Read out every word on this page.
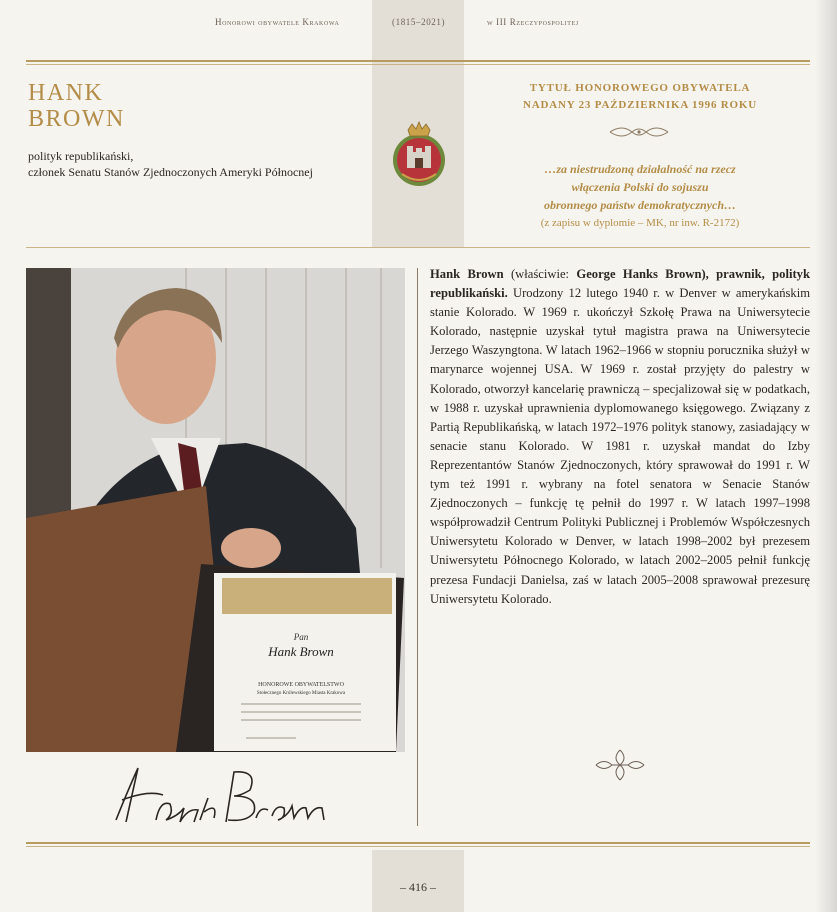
Honorowi obywatele Krakowa	(1815–2021)	w III Rzeczypospolitej
HANK
BROWN
polityk republikański,
członek Senatu Stanów Zjednoczonych Ameryki Północnej
TYTUŁ HONOROWEGO OBYWATELA
NADANY 23 PAŹDZIERNIKA 1996 ROKU
…za niestrudzoną działalność na rzecz
włączenia Polski do sojuszu
obronnego państw demokratycznych…
(z zapisu w dyplomie – MK, nr inw. R-2172)
Pan
Hank Brown
HONOROWE OBYWATELSTWO
Stołecznego Królewskiego Miasta Krakowa
Hank Brown (właściwie: George Hanks Brown), prawnik, polityk republikański. Urodzony 12 lutego 1940 r. w Denver w amerykańskim stanie Kolorado. W 1969 r. ukończył Szkołę Prawa na Uniwersytecie Kolorado, następnie uzyskał tytuł magistra prawa na Uniwersytecie Jerzego Waszyngtona. W latach 1962–1966 w stopniu porucznika służył w marynarce wojennej USA. W 1969 r. został przyjęty do palestry w Kolorado, otworzył kancelarię prawniczą – specjalizował się w podatkach, w 1988 r. uzyskał uprawnienia dyplomowanego księgowego. Związany z Partią Republikańską, w latach 1972–1976 polityk stanowy, zasiadający w senacie stanu Kolorado. W 1981 r. uzyskał mandat do Izby Reprezentantów Stanów Zjednoczonych, który sprawował do 1991 r. W tym też 1991 r. wybrany na fotel senatora w Senacie Stanów Zjednoczonych – funkcję tę pełnił do 1997 r. W latach 1997–1998 współprowadził Centrum Polityki Publicznej i Problemów Współczesnych Uniwersytetu Kolorado w Denver, w latach 1998–2002 był prezesem Uniwersytetu Północnego Kolorado, w latach 2002–2005 pełnił funkcję prezesa Fundacji Danielsa, zaś w latach 2005–2008 sprawował prezesurę Uniwersytetu Kolorado.
– 416 –
